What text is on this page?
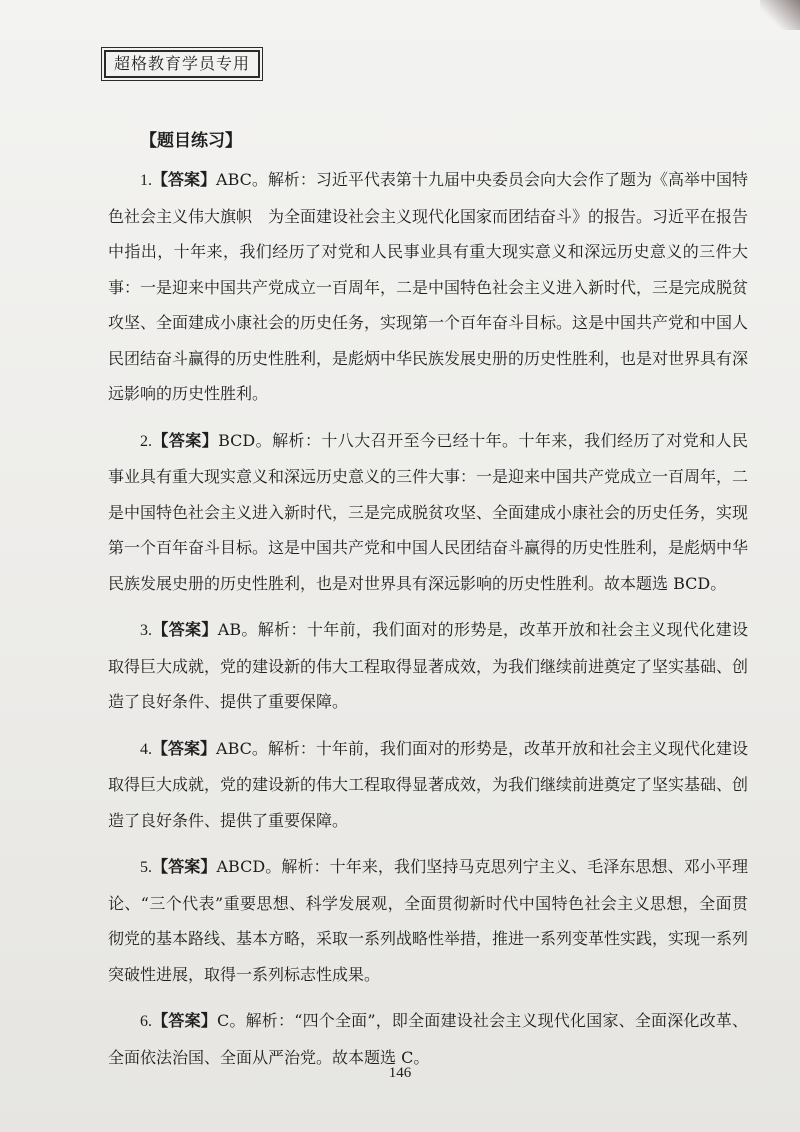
超格教育学员专用
【题目练习】

1.【答案】ABC。解析：习近平代表第十九届中央委员会向大会作了题为《高举中国特色社会主义伟大旗帜　为全面建设社会主义现代化国家而团结奋斗》的报告。习近平在报告中指出，十年来，我们经历了对党和人民事业具有重大现实意义和深远历史意义的三件大事：一是迎来中国共产党成立一百周年，二是中国特色社会主义进入新时代，三是完成脱贫攻坚、全面建成小康社会的历史任务，实现第一个百年奋斗目标。这是中国共产党和中国人民团结奋斗赢得的历史性胜利，是彪炳中华民族发展史册的历史性胜利，也是对世界具有深远影响的历史性胜利。

2.【答案】BCD。解析：十八大召开至今已经十年。十年来，我们经历了对党和人民事业具有重大现实意义和深远历史意义的三件大事：一是迎来中国共产党成立一百周年，二是中国特色社会主义进入新时代，三是完成脱贫攻坚、全面建成小康社会的历史任务，实现第一个百年奋斗目标。这是中国共产党和中国人民团结奋斗赢得的历史性胜利，是彪炳中华民族发展史册的历史性胜利，也是对世界具有深远影响的历史性胜利。故本题选 BCD。

3.【答案】AB。解析：十年前，我们面对的形势是，改革开放和社会主义现代化建设取得巨大成就，党的建设新的伟大工程取得显著成效，为我们继续前进奠定了坚实基础、创造了良好条件、提供了重要保障。

4.【答案】ABC。解析：十年前，我们面对的形势是，改革开放和社会主义现代化建设取得巨大成就，党的建设新的伟大工程取得显著成效，为我们继续前进奠定了坚实基础、创造了良好条件、提供了重要保障。

5.【答案】ABCD。解析：十年来，我们坚持马克思列宁主义、毛泽东思想、邓小平理论、“三个代表”重要思想、科学发展观，全面贯彻新时代中国特色社会主义思想，全面贯彻党的基本路线、基本方略，采取一系列战略性举措，推进一系列变革性实践，实现一系列突破性进展，取得一系列标志性成果。

6.【答案】C。解析：“四个全面”，即全面建设社会主义现代化国家、全面深化改革、全面依法治国、全面从严治党。故本题选 C。

146
